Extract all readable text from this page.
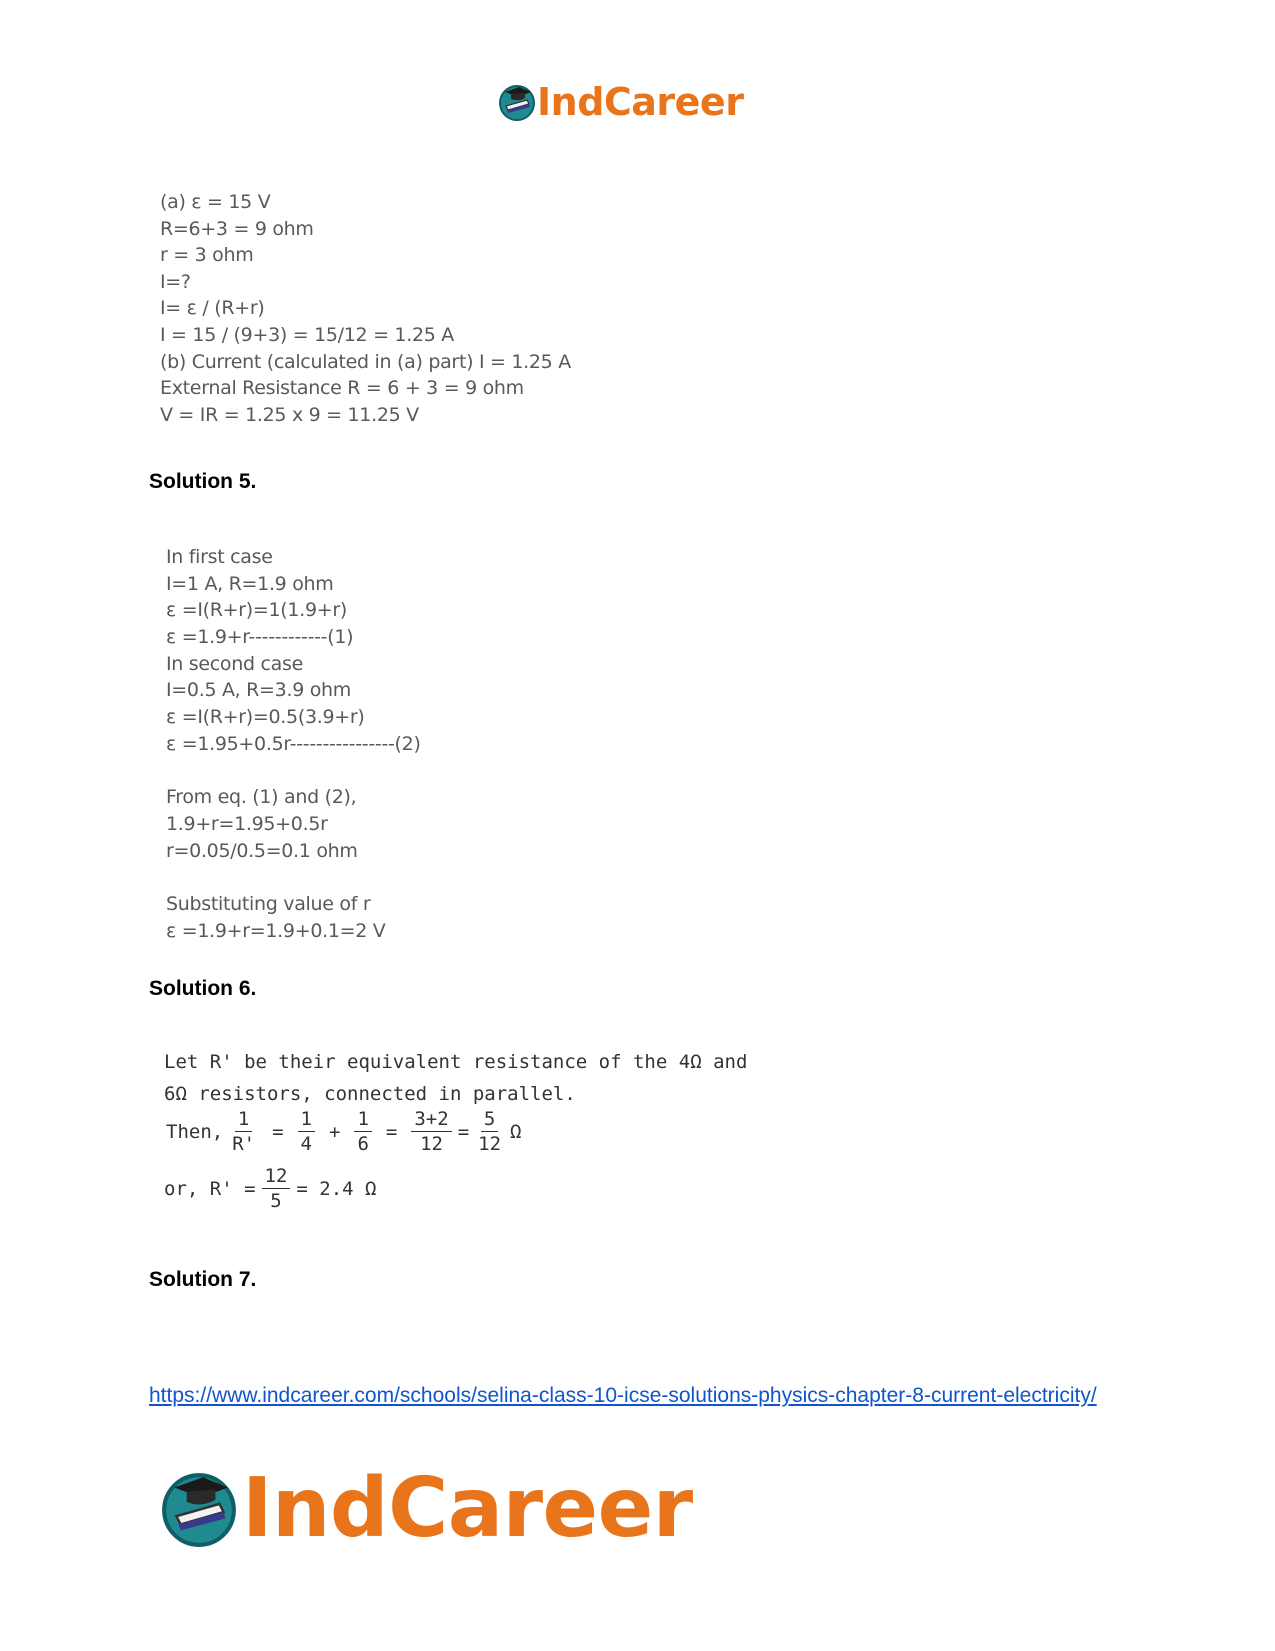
IndCareer
(a) ε = 15 V
R=6+3 = 9 ohm
r = 3 ohm
I=?
I= ε / (R+r)
I = 15 / (9+3) = 15/12 = 1.25 A
(b) Current (calculated in (a) part) I = 1.25 A
External Resistance R = 6 + 3 = 9 ohm
V = IR = 1.25 x 9 = 11.25 V
Solution 5.
In first case
I=1 A, R=1.9 ohm
ε =I(R+r)=1(1.9+r)
ε =1.9+r------------(1)
In second case
I=0.5 A, R=3.9 ohm
ε =I(R+r)=0.5(3.9+r)
ε =1.95+0.5r----------------(2)
From eq. (1) and (2),
1.9+r=1.95+0.5r
r=0.05/0.5=0.1 ohm
Substituting value of r
ε =1.9+r=1.9+0.1=2 V
Solution 6.
Let R' be their equivalent resistance of the 4Ω and
6Ω resistors, connected in parallel.
Then, $\frac{1}{R'} = \frac{1}{4} + \frac{1}{6} = \frac{3+2}{12} = \frac{5}{12}$ Ω
or, $R' = \frac{12}{5} = 2.4$ Ω
Solution 7.
https://www.indcareer.com/schools/selina-class-10-icse-solutions-physics-chapter-8-current-electricity/
IndCareer
